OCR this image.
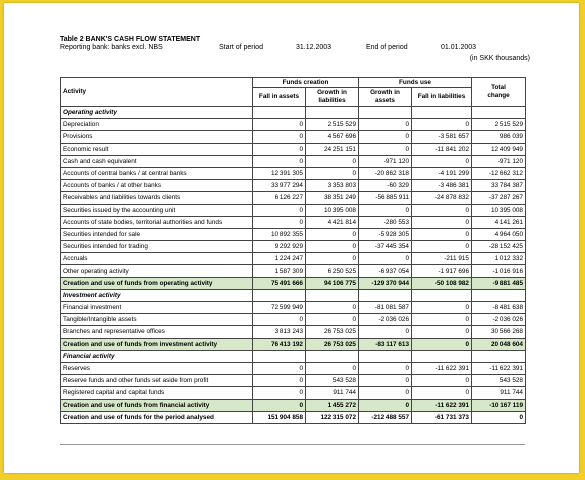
Table 2 BANK'S CASH FLOW STATEMENT
Reporting bank: banks excl. NBS	Start of period	31.12.2003	End of period	01.01.2003
(in SKK thousands)
Activity	Funds creation		Funds use		Total change
	Fall in assets	Growth in liabilities	Growth in assets	Fall in liabilities	
Operating activity					
Depreciation	0	2 515 529	0	0	2 515 529
Provisions	0	4 567 696	0	-3 581 657	986 039
Economic result	0	24 251 151	0	-11 841 202	12 409 949
Cash and cash equivalent	0	0	-971 120	0	-971 120
Accounts of central banks / at central banks	12 391 305	0	-20 862 318	-4 191 299	-12 662 312
Accounts of banks / at other banks	33 977 294	3 353 803	-60 329	-3 486 381	33 784 387
Receivables and liabilities towards clients	6 126 227	38 351 249	-56 885 911	-24 878 832	-37 287 267
Securities issued by the accounting unit	0	10 395 008	0	0	10 395 008
Accounts of state bodies, territorial authorities and funds	0	4 421 814	-280 553	0	4 141 261
Securities intended for sale	10 892 355	0	-5 928 305	0	4 964 050
Securities intended for trading	9 292 929	0	-37 445 354	0	-28 152 425
Accruals	1 224 247	0	0	-211 915	1 012 332
Other operating activity	1 587 309	6 250 525	-6 937 054	-1 917 696	-1 016 916
Creation and use of funds from operating activity	75 491 666	94 106 775	-129 370 944	-50 108 982	-9 881 485
Investment activity					
Financial investment	72 599 949	0	-81 081 587	0	-8 481 638
Tangible/Intangible assets	0	0	-2 036 026	0	-2 036 026
Branches and representative offices	3 813 243	26 753 025	0	0	30 566 268
Creation and use of funds from investment activity	76 413 192	26 753 025	-83 117 613	0	20 048 604
Financial activity					
Reserves	0	0	0	-11 622 391	-11 622 391
Reserve funds and other funds set aside from profit	0	543 528	0	0	543 528
Registered capital and capital funds	0	911 744	0	0	911 744
Creation and use of funds from financial activity	0	1 455 272	0	-11 622 391	-10 167 119
Creation and use of funds for the period analysed	151 904 858	122 315 072	-212 488 557	-61 731 373	0
